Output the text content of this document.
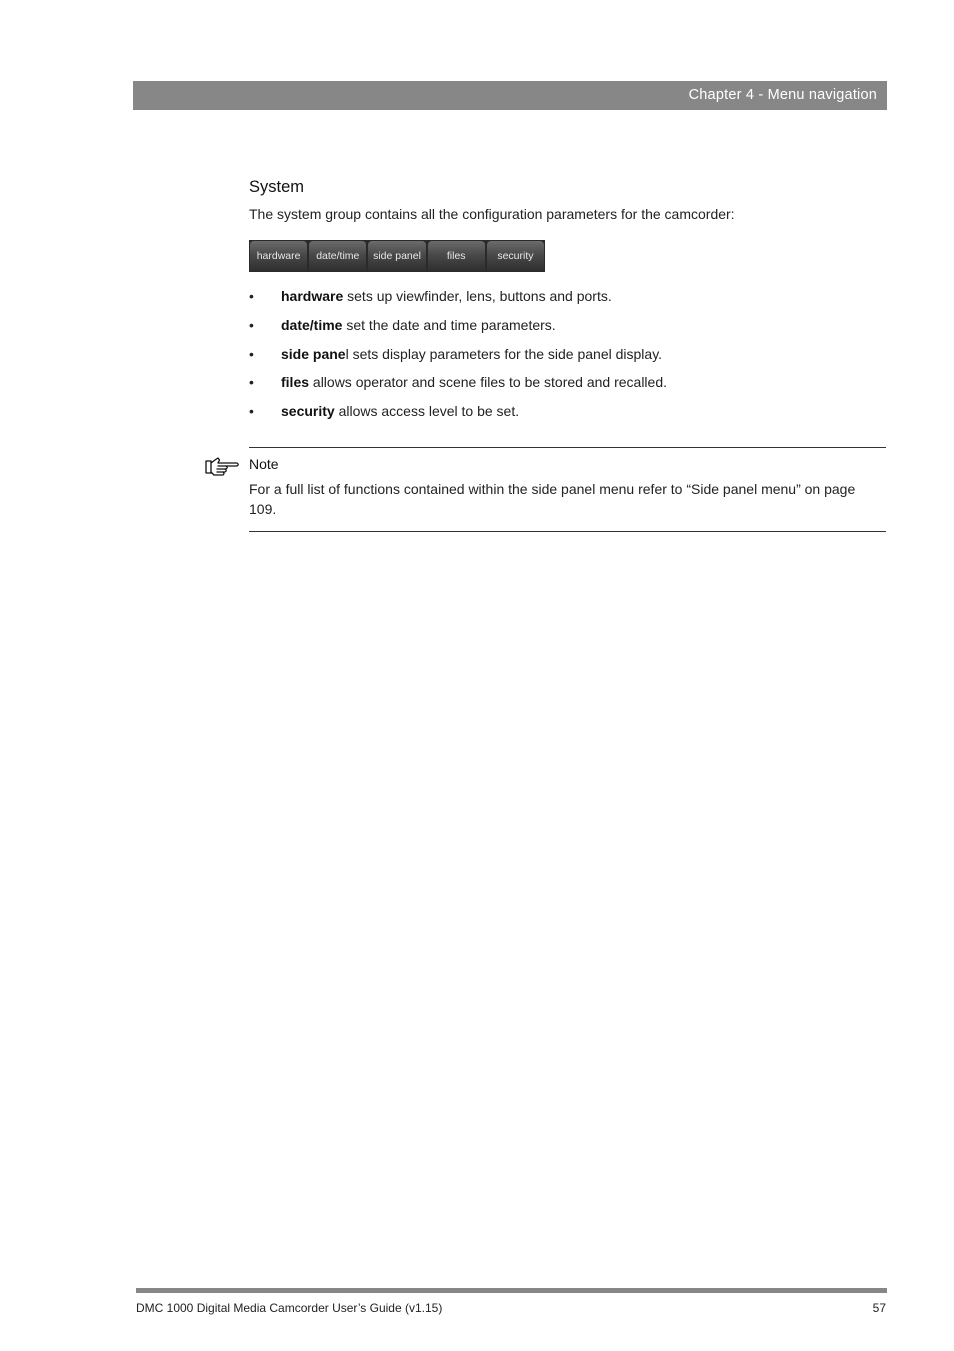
Chapter 4 - Menu navigation
System
The system group contains all the configuration parameters for the camcorder:
hardware	date/time	side panel	files	security
• hardware sets up viewfinder, lens, buttons and ports.
• date/time set the date and time parameters.
• side panel sets display parameters for the side panel display.
• files allows operator and scene files to be stored and recalled.
• security allows access level to be set.
Note
For a full list of functions contained within the side panel menu refer to “Side panel menu” on page 109.
DMC 1000 Digital Media Camcorder User’s Guide (v1.15)	57
